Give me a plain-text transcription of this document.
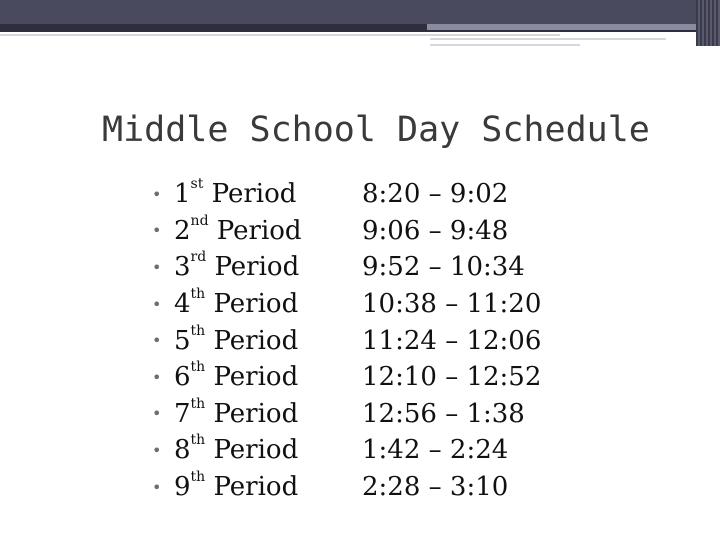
Middle School Day Schedule
• 1st Period	8:20 – 9:02
• 2nd Period	9:06 – 9:48
• 3rd Period	9:52 – 10:34
• 4th Period	10:38 – 11:20
• 5th Period	11:24 – 12:06
• 6th Period	12:10 – 12:52
• 7th Period	12:56 – 1:38
• 8th Period	1:42 – 2:24
• 9th Period	2:28 – 3:10
